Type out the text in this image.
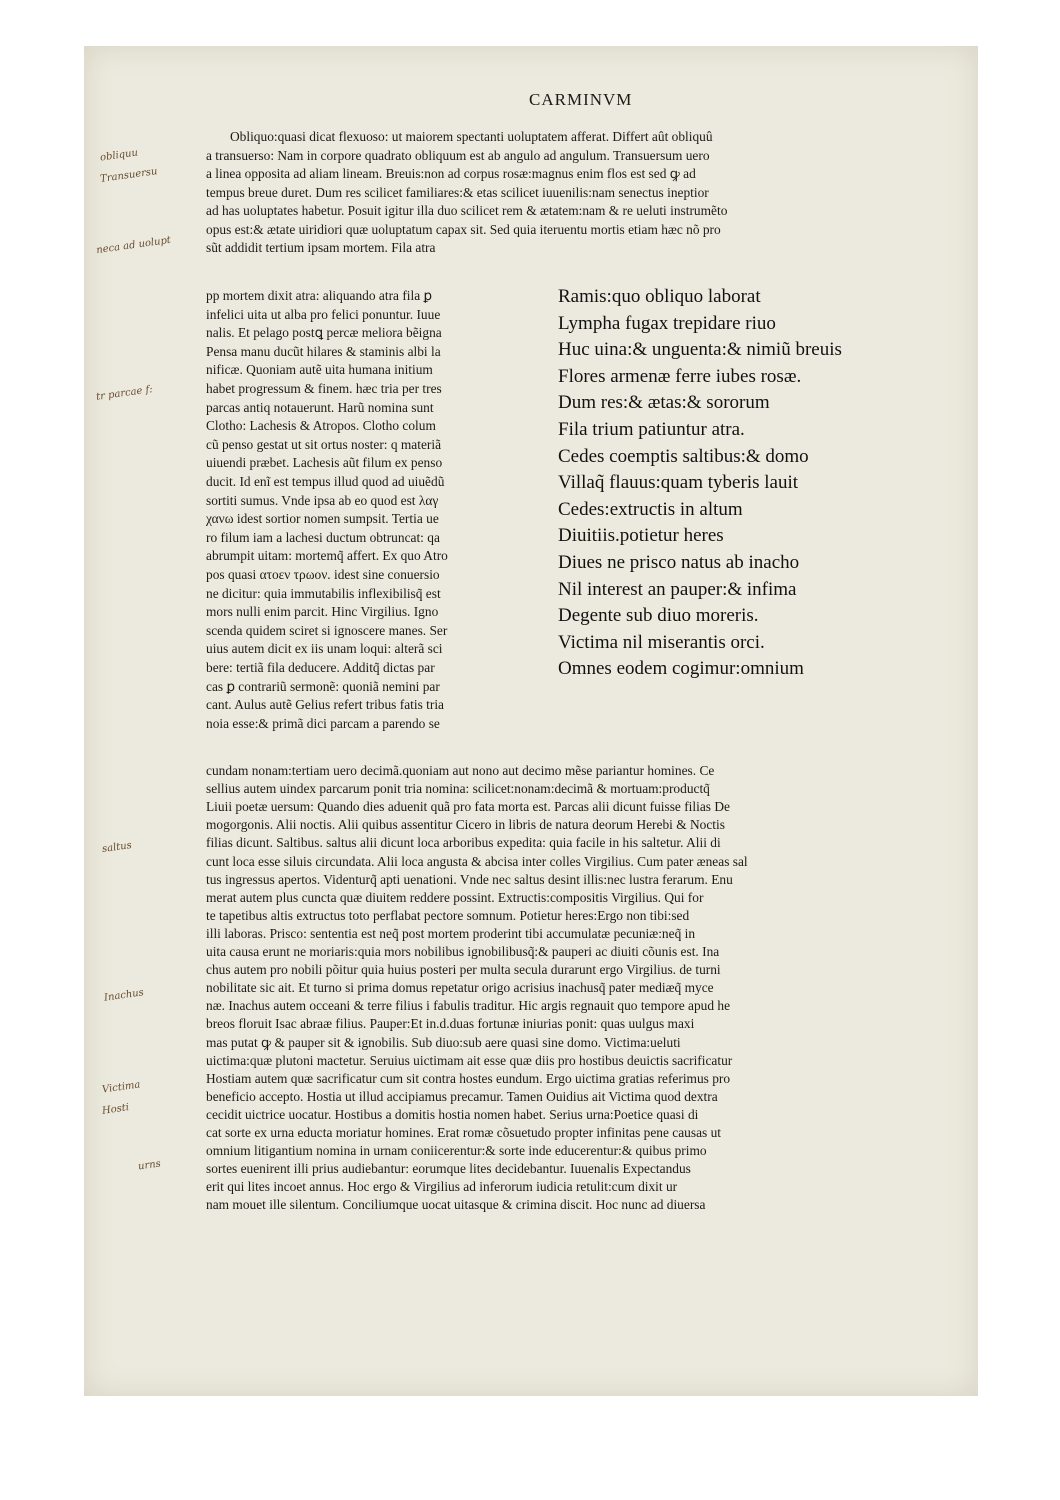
CARMINVM
Obliquo:quasi dicat flexuoso: ut maiorem spectanti uoluptatem afferat. Differt aût obliquû
a transuerso: Nam in corpore quadrato obliquum est ab angulo ad angulum. Transuersum uero
a linea opposita ad aliam lineam. Breuis:non ad corpus rosæ:magnus enim flos est sed ꝙ ad
tempus breue duret. Dum res scilicet familiares:& etas scilicet iuuenilis:nam senectus ineptior
ad has uoluptates habetur. Posuit igitur illa duo scilicet rem & ætatem:nam & re ueluti instrumẽto
opus est:& ætate uiridiori quæ uoluptatum capax sit. Sed quia iteruentu mortis etiam hæc nõ pro
sũt addidit tertium ipsam mortem. Fila atra
pp mortem dixit atra: aliquando atra fila ꝑ
infelici uita ut alba pro felici ponuntur. Iuue
nalis. Et pelago postꝗ percæ meliora bẽigna
Pensa manu ducũt hilares & staminis albi la
nificæ. Quoniam autẽ uita humana initium
habet progressum & finem. hæc tria per tres
parcas antiq notauerunt. Harũ nomina sunt
Clotho: Lachesis & Atropos. Clotho colum
cũ penso gestat ut sit ortus noster: q materiã
uiuendi præbet. Lachesis aũt filum ex penso
ducit. Id enĩ est tempus illud quod ad uiuẽdũ
sortiti sumus. Vnde ipsa ab eo quod est λαγ
χανω idest sortior nomen sumpsit. Tertia ue
ro filum iam a lachesi ductum obtruncat: qa
abrumpit uitam: mortemq̃ affert. Ex quo Atro
pos quasi ατοεν τρωον. idest sine conuersio
ne dicitur: quia immutabilis inflexibilisq̃ est
mors nulli enim parcit. Hinc Virgilius. Igno
scenda quidem sciret si ignoscere manes. Ser
uius autem dicit ex iis unam loqui: alterã sci
bere: tertiã fila deducere. Additq̃ dictas par
cas ꝑ contrariũ sermonẽ: quoniã nemini par
cant. Aulus autẽ Gelius refert tribus fatis tria
noia esse:& primã dici parcam a parendo se
Ramis:quo obliquo laborat
Lympha fugax trepidare riuo
Huc uina:& unguenta:& nimiũ breuis
Flores armenæ ferre iubes rosæ.
Dum res:& ætas:& sororum
Fila trium patiuntur atra.
Cedes coemptis saltibus:& domo
Villaq̃ flauus:quam tyberis lauit
Cedes:extructis in altum
Diuitiis.potietur heres
Diues ne prisco natus ab inacho
Nil interest an pauper:& infima
Degente sub diuo moreris.
Victima nil miserantis orci.
Omnes eodem cogimur:omnium
cundam nonam:tertiam uero decimã.quoniam aut nono aut decimo mẽse pariantur homines. Ce
sellius autem uindex parcarum ponit tria nomina: scilicet:nonam:decimã & mortuam:productq̃
Liuii poetæ uersum: Quando dies aduenit quã pro fata morta est. Parcas alii dicunt fuisse filias De
mogorgonis. Alii noctis. Alii quibus assentitur Cicero in libris de natura deorum Herebi & Noctis
filias dicunt. Saltibus. saltus alii dicunt loca arboribus expedita: quia facile in his saltetur. Alii di
cunt loca esse siluis circundata. Alii loca angusta & abcisa inter colles Virgilius. Cum pater æneas sal
tus ingressus apertos. Videnturq̃ apti uenationi. Vnde nec saltus desint illis:nec lustra ferarum. Enu
merat autem plus cuncta quæ diuitem reddere possint. Extructis:compositis Virgilius. Qui for
te tapetibus altis extructus toto perflabat pectore somnum. Potietur heres:Ergo non tibi:sed
illi laboras. Prisco: sententia est neq̃ post mortem proderint tibi accumulatæ pecuniæ:neq̃ in
uita causa erunt ne moriaris:quia mors nobilibus ignobilibusq̃:& pauperi ac diuiti cõunis est. Ina
chus autem pro nobili põitur quia huius posteri per multa secula durarunt ergo Virgilius. de turni
nobilitate sic ait. Et turno si prima domus repetatur origo acrisius inachusq̃ pater mediæq̃ myce
næ. Inachus autem occeani & terre filius i fabulis traditur. Hic argis regnauit quo tempore apud he
breos floruit Isac abraæ filius. Pauper:Et in.d.duas fortunæ iniurias ponit: quas uulgus maxi
mas putat ꝙ & pauper sit & ignobilis. Sub diuo:sub aere quasi sine domo. Victima:ueluti
uictima:quæ plutoni mactetur. Seruius uictimam ait esse quæ diis pro hostibus deuictis sacrificatur
Hostiam autem quæ sacrificatur cum sit contra hostes eundum. Ergo uictima gratias referimus pro
beneficio accepto. Hostia ut illud accipiamus precamur. Tamen Ouidius ait Victima quod dextra
cecidit uictrice uocatur. Hostibus a domitis hostia nomen habet. Serius urna:Poetice quasi di
cat sorte ex urna educta moriatur homines. Erat romæ cõsuetudo propter infinitas pene causas ut
omnium litigantium nomina in urnam coniicerentur:& sorte inde educerentur:& quibus primo
sortes euenirent illi prius audiebantur: eorumque lites decidebantur. Iuuenalis Expectandus
erit qui lites incoet annus. Hoc ergo & Virgilius ad inferorum iudicia retulit:cum dixit ur
nam mouet ille silentum. Conciliumque uocat uitasque & crimina discit. Hoc nunc ad diuersa
obliquu
Transuersu
neca ad uolupt
tr parcae f:
saltus
Inachus
Victima
Hosti
urns
